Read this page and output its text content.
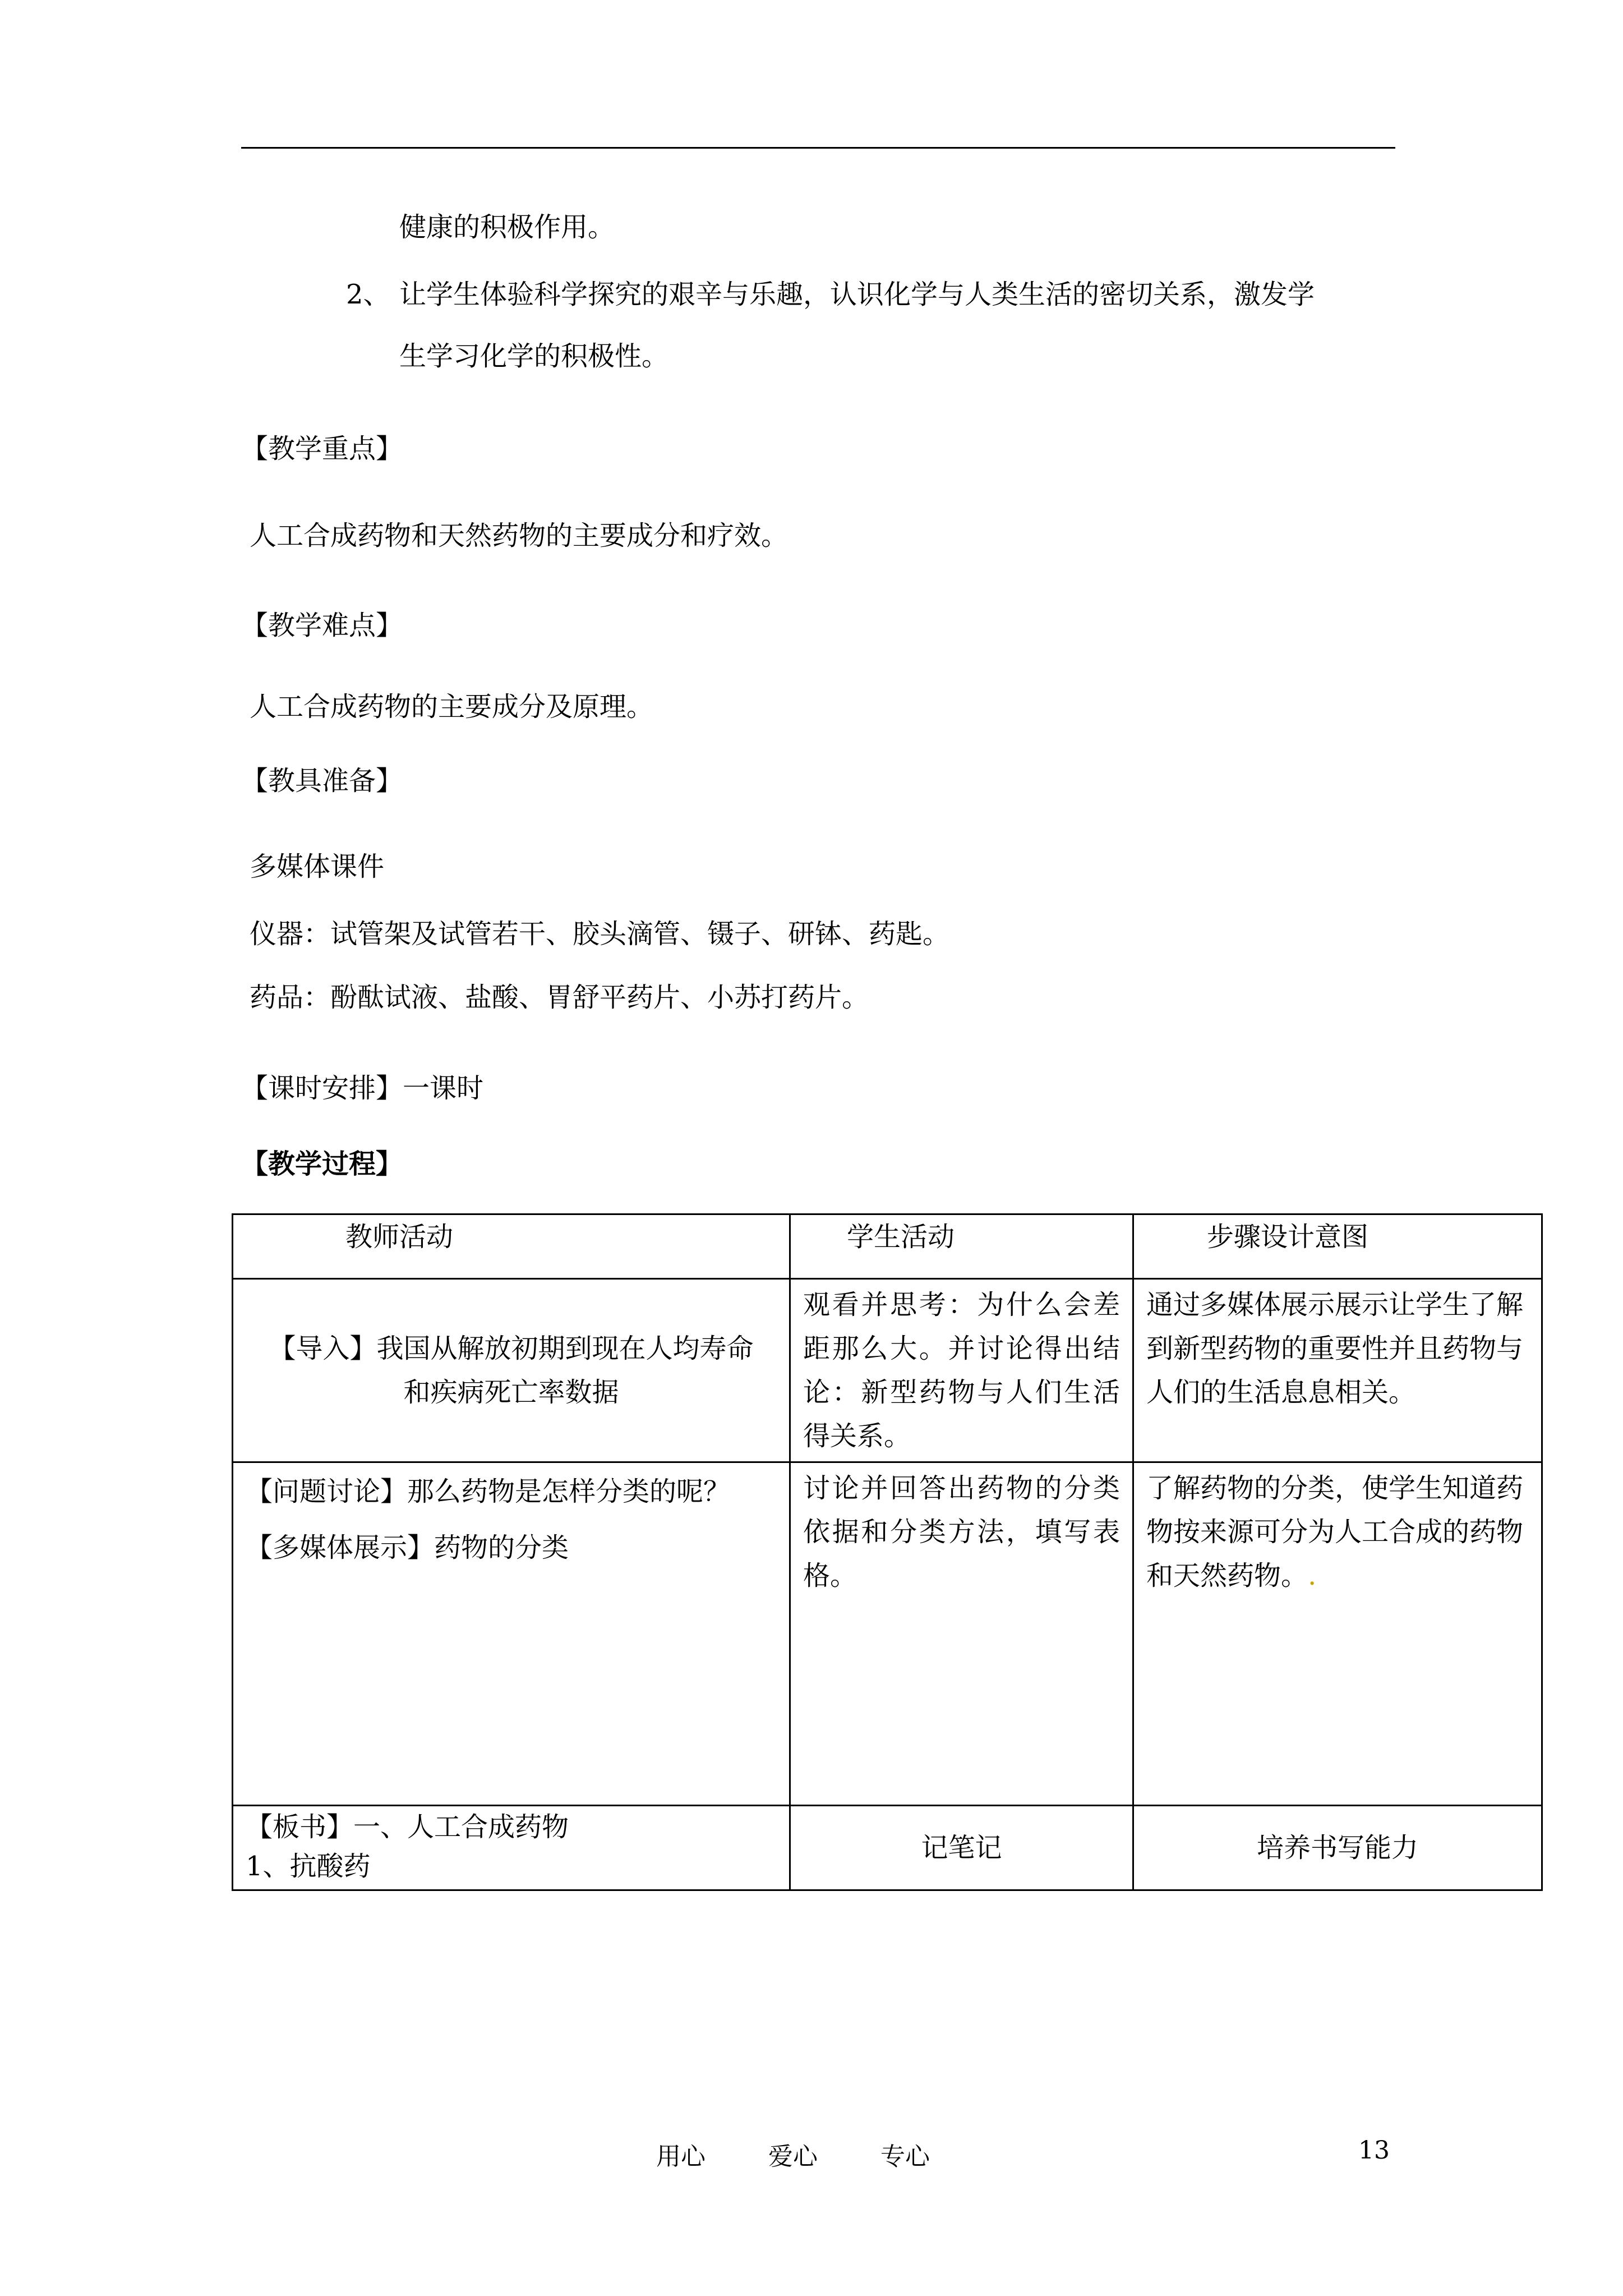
健康的积极作用。
2、 让学生体验科学探究的艰辛与乐趣，认识化学与人类生活的密切关系，激发学
生学习化学的积极性。
【教学重点】
人工合成药物和天然药物的主要成分和疗效。
【教学难点】
人工合成药物的主要成分及原理。
【教具准备】
多媒体课件
仪器：试管架及试管若干、胶头滴管、镊子、研钵、药匙。
药品：酚酞试液、盐酸、胃舒平药片、小苏打药片。
【课时安排】一课时
【教学过程】
教师活动	学生活动	步骤设计意图

【导入】我国从解放初期到现在人均寿命
和疾病死亡率数据	观看并思考：为什么会差距那么大。并讨论得出结论：新型药物与人们生活得关系。	通过多媒体展示展示让学生了解到新型药物的重要性并且药物与人们的生活息息相关。

【问题讨论】那么药物是怎样分类的呢？
【多媒体展示】药物的分类	讨论并回答出药物的分类依据和分类方法，填写表格。	了解药物的分类，使学生知道药物按来源可分为人工合成的药物和天然药物。.

【板书】一、人工合成药物
1、抗酸药	记笔记	培养书写能力
用心	爱心	专心	13
